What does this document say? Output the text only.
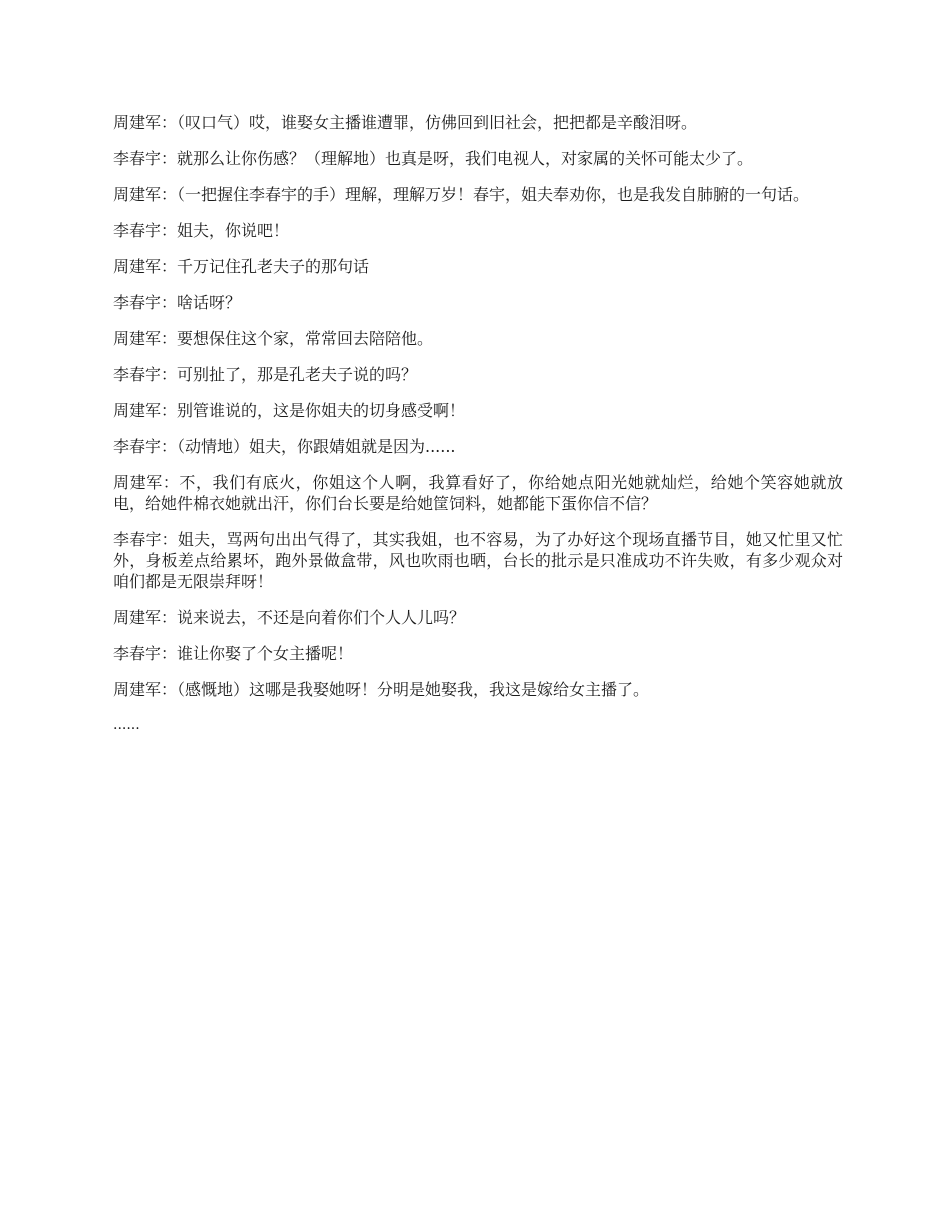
周建军：（叹口气）哎，谁娶女主播谁遭罪，仿佛回到旧社会，把把都是辛酸泪呀。

李春宇：就那么让你伤感？（理解地）也真是呀，我们电视人，对家属的关怀可能太少了。

周建军：（一把握住李春宇的手）理解，理解万岁！春宇，姐夫奉劝你，也是我发自肺腑的一句话。

李春宇：姐夫，你说吧！

周建军：千万记住孔老夫子的那句话

李春宇：啥话呀？

周建军：要想保住这个家，常常回去陪陪他。

李春宇：可别扯了，那是孔老夫子说的吗？

周建军：别管谁说的，这是你姐夫的切身感受啊！

李春宇：（动情地）姐夫，你跟婧姐就是因为......

周建军：不，我们有底火，你姐这个人啊，我算看好了，你给她点阳光她就灿烂，给她个笑容她就放电，给她件棉衣她就出汗，你们台长要是给她筐饲料，她都能下蛋你信不信？

李春宇：姐夫，骂两句出出气得了，其实我姐，也不容易，为了办好这个现场直播节目，她又忙里又忙外，身板差点给累坏，跑外景做盒带，风也吹雨也晒，台长的批示是只准成功不许失败，有多少观众对咱们都是无限崇拜呀！

周建军：说来说去，不还是向着你们个人人儿吗？

李春宇：谁让你娶了个女主播呢！

周建军：（感慨地）这哪是我娶她呀！分明是她娶我，我这是嫁给女主播了。

......
